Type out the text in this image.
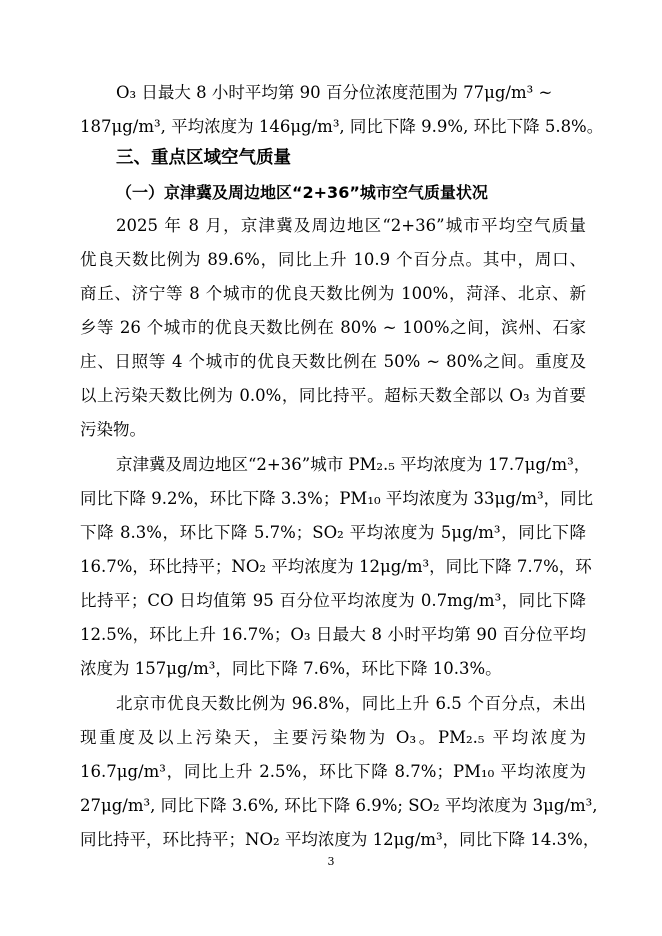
O₃ 日最大 8 小时平均第 90 百分位浓度范围为 77μg/m³ ~
187μg/m³, 平均浓度为 146μg/m³, 同比下降 9.9%, 环比下降 5.8%。
三、重点区域空气质量
（一）京津冀及周边地区“2+36”城市空气质量状况
2025 年 8 月，京津冀及周边地区“2+36”城市平均空气质量
优良天数比例为 89.6%，同比上升 10.9 个百分点。其中，周口、
商丘、济宁等 8 个城市的优良天数比例为 100%，菏泽、北京、新
乡等 26 个城市的优良天数比例在 80% ~ 100%之间，滨州、石家
庄、日照等 4 个城市的优良天数比例在 50% ~ 80%之间。重度及
以上污染天数比例为 0.0%，同比持平。超标天数全部以 O₃ 为首要
污染物。
京津冀及周边地区“2+36”城市 PM₂.₅ 平均浓度为 17.7μg/m³，
同比下降 9.2%，环比下降 3.3%；PM₁₀ 平均浓度为 33μg/m³，同比
下降 8.3%，环比下降 5.7%；SO₂ 平均浓度为 5μg/m³，同比下降
16.7%，环比持平；NO₂ 平均浓度为 12μg/m³，同比下降 7.7%，环
比持平；CO 日均值第 95 百分位平均浓度为 0.7mg/m³，同比下降
12.5%，环比上升 16.7%；O₃ 日最大 8 小时平均第 90 百分位平均
浓度为 157μg/m³，同比下降 7.6%，环比下降 10.3%。
北京市优良天数比例为 96.8%，同比上升 6.5 个百分点，未出
现重度及以上污染天，主要污染物为 O₃。PM₂.₅ 平均浓度为
16.7μg/m³，同比上升 2.5%，环比下降 8.7%；PM₁₀ 平均浓度为
27μg/m³, 同比下降 3.6%, 环比下降 6.9%; SO₂ 平均浓度为 3μg/m³,
同比持平，环比持平；NO₂ 平均浓度为 12μg/m³，同比下降 14.3%，
3
